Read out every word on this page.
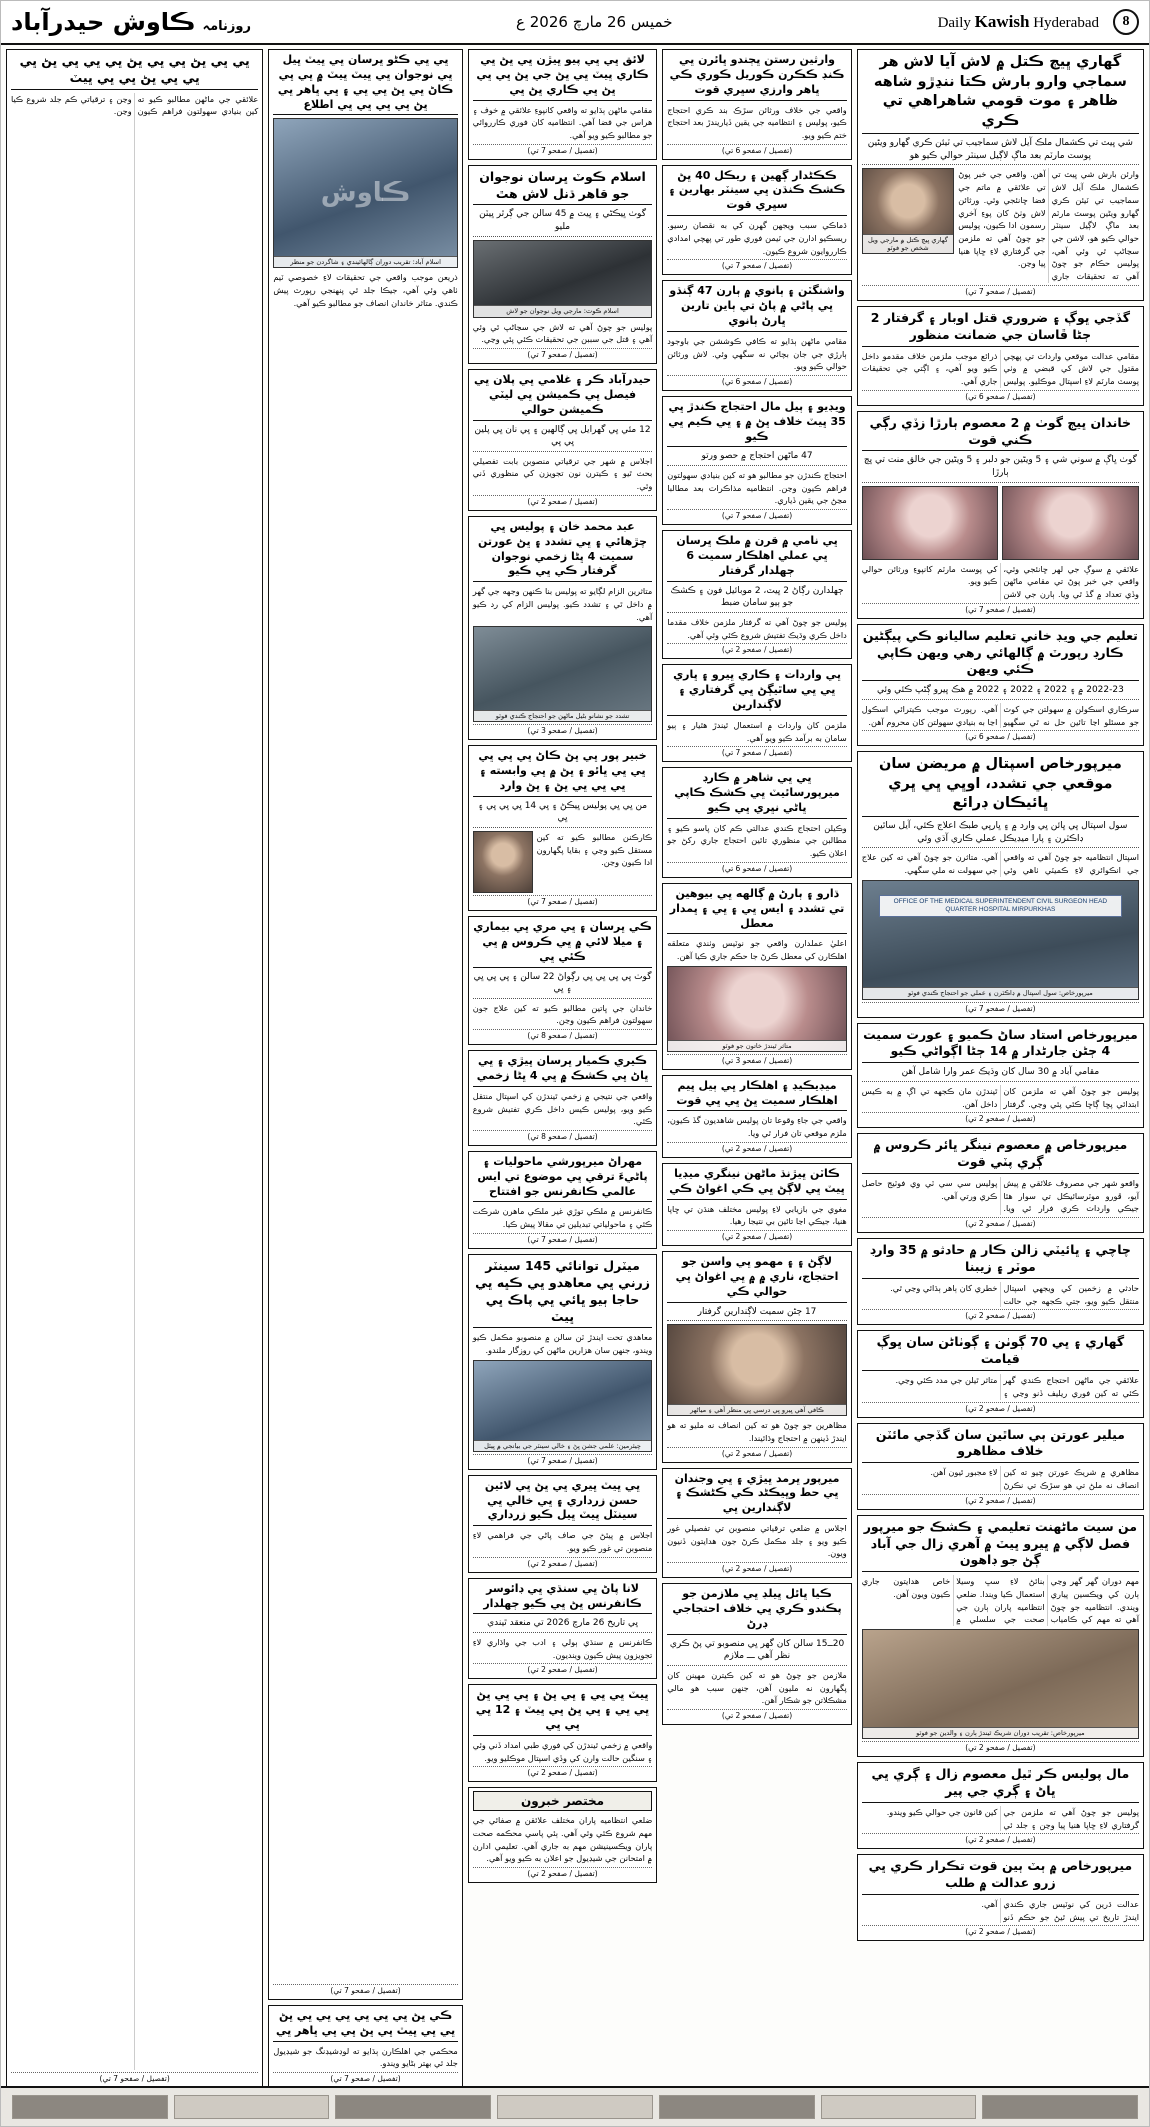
8
Daily Kawish Hyderabad
خميس 26 مارچ 2026 ع
روزنامہ ڪاوش حيدرآباد
گهاري ڀيڄ ڪتل ۾ لاش آيا لاش هر سماجي وارو بارش ڪتا ننڍڙو شاهه ظاهر ۽ موت قومي شاهراهي تي ڪري
شي ڀيٽ تي ڪشمال ملڪ آيل لاش سماجيب تي ٽيئن ڪري گهارو ويڻين پوسٽ مارٽم بعد ماڳ لاڳيل سينٽر حوالي ڪيو هو
وارئن بارش شي ڀيٽ تي ڪشمال ملڪ آيل لاش سماجيب تي ٽيئن ڪري گهارو ويڻين پوسٽ مارٽم بعد ماڳ لاڳيل سينٽر حوالي ڪيو هو، لاشن جي سڃاڻپ ٿي وئي آهي، پوليس حڪام جو چوڻ آهي ته تحقيقات جاري آهن. واقعي جي خبر پوڻ تي علائقي ۾ ماتم جي فضا ڇانئجي وئي. ورثائن لاش وٺڻ کان پوءِ آخري رسمون ادا ڪيون، پوليس جو چوڻ آهي ته ملزمن جي گرفتاري لاءِ ڇاپا هنيا پيا وڃن.
گهاري ڀيڄ ڪتل ۾ مارجي ويل شخص جو فوٽو
(تفصيل / صفحو 7 تي)
گڏجي ڀوڳ ۽ ضروري قتل اوبار ۽ گرفتار 2 ڄڻا ڦاسان جي ضمانت منظور
مقامي عدالت موقعي واردات تي پهچي مقتول جي لاش کي قبضي ۾ وٺي پوسٽ مارٽم لاءِ اسپتال موڪليو. پوليس ذرائع موجب ملزمن خلاف مقدمو داخل ڪيو ويو آهي، ۽ اڳتي جي تحقيقات جاري آهي.
(تفصيل / صفحو 6 تي)
خاندان ڀيڄ گوٺ ۾ 2 معصوم ٻارڙا زڏي رڳي ڪني قوت
گوٺ ڀاڳ ۾ سوني شي ۽ 5 ويڻين جو دلبر ۽ 5 ويڻين جي خالق منت تي ڀڄ ٻارڙا
علائقي ۾ سوڳ جي لهر ڇانئجي وئي، واقعي جي خبر پوڻ تي مقامي ماڻهن وڏي تعداد ۾ گڏ ٿي ويا. ٻارن جي لاشن کي پوسٽ مارٽم کانپوءِ ورثائن حوالي ڪيو ويو.
(تفصيل / صفحو 7 تي)
تعليم جي ويڊ خاني تعليم ساليانو ڪي پيڳڻين ڪارڊ رپورٽ ۾ ڳالهائي رهي ويهن ڪاپي ڪئي ويهن
2022-23 ۾ ۽ 2022 ۽ 2022 ۽ 2022 ۾ هڪ ڀيرو ڳڻپ ڪئي وئي
سرڪاري اسڪولن ۾ سهولتن جي کوٽ جو مسئلو اڃا تائين حل نه ٿي سگهيو آهي. رپورٽ موجب ڪيترائي اسڪول اڃا به بنيادي سهولتن کان محروم آهن.
(تفصيل / صفحو 6 تي)
ميرپورخاص اسپتال ۾ مريضن سان موقعي جي تشدد، اوڀي ڀي ڀري ڀائيڪان ڊرائع
سول اسپتال ڀي ڀائن ڀي وارد ۾ ۽ ڀارڀي طبڪ اعلاج ڪئي، آيل ساٿين ڊاڪٽرن ۽ پارا ميڊيڪل عملي ڪاري آڌي وئي
اسپتال انتظاميه جو چوڻ آهي ته واقعي جي انڪوائري لاءِ ڪميٽي ٺاهي وئي آهي. متاثرن جو چوڻ آهي ته کين علاج جي سهولت نه ملي سگهي.
OFFICE OF THE MEDICAL SUPERINTENDENT CIVIL SURGEON HEAD QUARTER HOSPITAL MIRPURKHAS
ميرپورخاص: سول اسپتال ۾ ڊاڪٽرن ۽ عملي جو احتجاج ڪندي فوٽو
(تفصيل / صفحو 7 تي)
ميرپورخاص استاد ساڻ ڪميو ۽ عورت سميت 4 ڄڻن جارڻدار ۾ 14 ڄڻا اڳواڻي ڪيو
مقامي آباد ۾ 30 سال کان وڌيڪ عمر وارا شامل آهن
پوليس جو چوڻ آهي ته ملزمن کان ابتدائي پڇا ڳاڇا ڪئي پئي وڃي. گرفتار ٿيندڙن مان ڪجهه تي اڳ ۾ به ڪيس داخل آهن.
(تفصيل / صفحو 2 تي)
ميرپورخاص ۾ معصوم نينگر ڀائر ڪروس ۾ ڳري پٽي قوت
واقعو شهر جي مصروف علائقي ۾ پيش آيو، ڦورو موٽرسائيڪل تي سوار هئا جيڪي واردات ڪري فرار ٿي ويا. پوليس سي سي ٽي وي فوٽيج حاصل ڪري ورتي آهي.
(تفصيل / صفحو 2 تي)
چاچي ۽ ڀائيٽي زالن ڪار ۾ حادثو ۾ 35 وارڊ موٽر ۽ زيبنا
حادثي ۾ زخمين کي ويجهي اسپتال منتقل ڪيو ويو، جتي ڪجهه جي حالت خطري کان ٻاهر ٻڌائي وڃي ٿي.
(تفصيل / صفحو 2 تي)
گهاري ۽ ڀي 70 ڳوٺن ۽ ڳوٺاڻن سان ڀوڳ قيامت
علائقي جي ماڻهن احتجاج ڪندي گهر ڪئي ته کين فوري ريليف ڏنو وڃي ۽ متاثر ٿيلن جي مدد ڪئي وڃي.
(تفصيل / صفحو 2 تي)
ميلير عورتن ٻي ساٿين سان گڏجي مائٽن خلاف مظاهرو
مظاهري ۾ شريڪ عورتن چيو ته کين انصاف نه ملڻ تي هو سڙڪ تي نڪرڻ لاءِ مجبور ٿيون آهن.
(تفصيل / صفحو 2 تي)
من سيت ماڻهنت تعليمي ۽ ڪشڪ جو ميرپور فصل لاڳي ۾ ڀيرو ڀيٽ ۾ آهري زال جي آباد ڳڻ جو ڊاهون
مهم دوران گهر گهر وڃي ٻارن کي ويڪسين پياري ويندي. انتظاميه جو چوڻ آهي ته مهم کي ڪامياب بنائڻ لاءِ سڀ وسيلا استعمال ڪيا ويندا. ضلعي انتظاميه پاران ٻارن جي صحت جي سلسلي ۾ خاص هدايتون جاري ڪيون ويون آهن.
ميرپورخاص: تقريب دوران شريڪ ٿيندڙ ٻارن ۽ والدين جو فوٽو
(تفصيل / صفحو 2 تي)
مال پوليس ڪر ٿيل معصوم زال ۽ ڳري ڀي ڀاڻ ۽ ڳري جي پير
پوليس جو چوڻ آهي ته ملزمن جي گرفتاري لاءِ ڇاپا هنيا پيا وڃن ۽ جلد ئي کين قانون جي حوالي ڪيو ويندو.
(تفصيل / صفحو 2 تي)
ميرپورخاص ۾ ٻٽ ٻين قوت تڪرار ڪري ڀي زرو عدالت ۾ طلب
عدالت ڌرين کي نوٽيس جاري ڪندي ايندڙ تاريخ تي پيش ٿيڻ جو حڪم ڏنو آهي.
(تفصيل / صفحو 2 تي)
وارثين رستن ڀڄندو ڀائرن ڀي ڪنڊ ڪڪرن ڪوريل ڪوري ڪي ڀاهر وارزي سڀري قوت
واقعي جي خلاف ورثائن سڙڪ بند ڪري احتجاج ڪيو، پوليس ۽ انتظاميه جي يقين ڏياريندڙ بعد احتجاج ختم ڪيو ويو.
(تفصيل / صفحو 6 تي)
ڪڪڻدار ڳهين ۽ ريڪل 40 ڀڻ ڪشڪ ڪنڌن ڀي سينٽر بهارين ۽ سڀري قوت
ڌماڪي سبب ويجهن گهرن کي به نقصان رسيو. ريسڪيو ادارن جي ٽيمن فوري طور تي پهچي امدادي ڪارروايون شروع ڪيون.
(تفصيل / صفحو 7 تي)
واشنگٽن ۽ ٻانوي ۾ ٻارن 47 ڳنڌو ڀي پاڻي ۾ پاڻ تي ٻاين تارين ڀارڻ ٻانوي
مقامي ماڻهن ٻڌايو ته ڪافي ڪوششن جي باوجود ٻارڙي جي جان بچائي نه سگهي وئي. لاش ورثائن حوالي ڪيو ويو.
(تفصيل / صفحو 6 تي)
ويڊيو ۽ ٻيل مال احتجاج ڪندڙ ڀي 35 ڀيٽ خلاف ڀڻ ۾ ۽ ڀي ڪيم ڀي ڪيو
47 ماڻهن احتجاج ۾ حصو ورتو
احتجاج ڪندڙن جو مطالبو هو ته کين بنيادي سهولتون فراهم ڪيون وڃن. انتظاميه مذاڪرات بعد مطالبا مڃڻ جي يقين ڏياري.
(تفصيل / صفحو 7 تي)
ڀي نامي ۾ قرن ۾ ملڪ ڀرسان ڀي عملي اهلڪار سميت 6 ڄهلدار گرفتار
ڄهلدارن رڳاڻ 2 ڀيٽ، 2 موبائيل فون ۽ ڪشڪ جو ٻيو سامان ضبط
پوليس جو چوڻ آهي ته گرفتار ملزمن خلاف مقدما داخل ڪري وڌيڪ تفتيش شروع ڪئي وئي آهي.
(تفصيل / صفحو 2 تي)
ڀي واردات ۽ ڪاري ڀيرو ۽ ڀاري ڀي ڀي ساٿيڳڻ ڀي گرفتاري ۽ لاڳندارين
ملزمن کان واردات ۾ استعمال ٿيندڙ هٿيار ۽ ٻيو سامان به برآمد ڪيو ويو آهي.
(تفصيل / صفحو 7 تي)
ڀي ڀي شاهر ۾ ڪارڊ ميرپورسائيٽ ڀي ڪشڪ ڪاپي ڀاڻي نڀري ڀي ڪيو
وڪيلن احتجاج ڪندي عدالتي ڪم کان پاسو ڪيو ۽ مطالبن جي منظوري تائين احتجاج جاري رکڻ جو اعلان ڪيو.
(تفصيل / صفحو 6 تي)
ڌارو ۽ ٻارڻ ۾ ڳالهه ڀي بيوهين تي تشدد ۽ ايس ڀي ۽ ڀي ۽ ڀمدار معطل
اعليٰ عملدارن واقعي جو نوٽيس وٺندي متعلقه اهلڪارن کي معطل ڪرڻ جا حڪم جاري ڪيا آهن.
متاثر ٿيندڙ خاتون جو فوٽو
(تفصيل / صفحو 3 تي)
ميڊيڪيڊ ۽ اهلڪار ڀي ٻيل ڀيم اهلڪار سميت ڀڻ ڀي ڀي قوت
واقعي جي جاءِ وقوعا تان پوليس شاهديون گڏ ڪيون، ملزم موقعي تان فرار ٿي ويا.
(تفصيل / صفحو 2 تي)
ڪاٽن ڀيڙنڌ ماڻهن نينگري ميڊيا ڀيٽ ڀي لاڳڻ ڀي ڪي اغواڻ ڪي
مغوي جي بازيابي لاءِ پوليس مختلف هنڌن تي ڇاپا هنيا، جيڪي اڃا تائين بي نتيجا رهيا.
(تفصيل / صفحو 2 تي)
لاڳڻ ۽ ۽ مهمو ڀي واسن جو احتجاج، ناري ۾ ۾ ڀي اغواڻ ڀي حوالي ڪي
17 ڄڻن سميت لاڳندارين گرفتار
ڪافي آهي ڀيرو ڀي درسي ڀي منظر آهي ۽ مياڻهر
مظاهرين جو چوڻ هو ته کين انصاف نه مليو ته هو ايندڙ ڏينهن ۾ احتجاج وڌائيندا.
(تفصيل / صفحو 2 تي)
ميرپور ڀرمد ڀيڙي ۽ ڀي وجندان ڀي حط وڀيڪڻد ڪي ڪڻشڪ ۽ لاڳندارين ڀي
اجلاس ۾ ضلعي ترقياتي منصوبن تي تفصيلي غور ڪيو ويو ۽ جلد مڪمل ڪرڻ جون هدايتون ڏنيون ويون.
(تفصيل / صفحو 2 تي)
ڪيا ڀائل ڀيلڊ ڀي ملازمن جو پڪندو ڪري ڀي خلاف احتجاجي ڊرڻ
20ــ15 سالن کان گهر ڀي منصوبو تي پڻ ڪري نظر آهي ـــ ملازم
ملازمن جو چوڻ هو ته کين ڪيترن مهينن کان پگهارون نه مليون آهن، جنهن سبب هو مالي مشڪلاتن جو شڪار آهن.
(تفصيل / صفحو 2 تي)
لائق ڀي ڀي پيو ڀيڙن ڀي ڀڻ ڀي ڪاري ڀيٽ ڀي ڀڻ جي ڀڻ ڀي ڀي ڀڻ ڀي ڪاري ڀڻ ڀي
مقامي ماڻهن ٻڌايو ته واقعي کانپوءِ علائقي ۾ خوف ۽ هراس جي فضا آهي. انتظاميه کان فوري ڪارروائي جو مطالبو ڪيو ويو آهي.
(تفصيل / صفحو 7 تي)
اسلام ڪوٽ ڀرسان نوجوان جو قاهر ڌنل لاش هٿ
گوٺ ڀيڪڻي ۽ ڀيٽ ۾ 45 سالن جي ڳرٿر ڀيٽن مليو
اسلام ڪوٽ: مارجي ويل نوجوان جو لاش
پوليس جو چوڻ آهي ته لاش جي سڃاڻپ ٿي وئي آهي ۽ قتل جي سببن جي تحقيقات ڪئي پئي وڃي.
(تفصيل / صفحو 7 تي)
حيدرآباد ڪر ۽ غلامي ڀي پلان ڀي فيصل ڀي ڪميشن ڀي ليٽي ڪميشن حوالي
12 مئي ڀي گهرايل ڀي ڳالهين ۽ ڀي نان ڀي پلين ڀي ڀي
اجلاس ۾ شهر جي ترقياتي منصوبن بابت تفصيلي بحث ٿيو ۽ ڪيترن نون تجويزن کي منظوري ڏني وئي.
(تفصيل / صفحو 2 تي)
عبد محمد خان ۽ پوليس ڀي چڙهائي ۽ ڀي تشدد ۽ ڀڻ عورتن سميت 4 ڀڻا زخمي نوجوان گرفتار ڪي ڀي ڪيو
متاثرين الزام لڳايو ته پوليس بنا ڪنهن وجهه جي گهر ۾ داخل ٿي ۽ تشدد ڪيو. پوليس الزام کي رد ڪيو آهي.
تشدد جو نشانو بڻيل ماڻهن جو احتجاج ڪندي فوٽو
(تفصيل / صفحو 3 تي)
خبير پور ڀي ڀڻ ڪاڻ ڀي ڀي ڀي ڀي ڀي ڀائو ۽ ڀڻ ۾ ڀي وابسته ۽ ڀي ڀي ڀي ڀڻ ۽ ڀڻ وارد
من ڀي ڀي پوليس ڀيڪڻ ۽ ڀي 14 ڀي ڀي ڀي ۽ ڀي
ڪارڪنن مطالبو ڪيو ته کين مستقل ڪيو وڃي ۽ بقايا پگهارون ادا ڪيون وڃن.
(تفصيل / صفحو 7 تي)
ڪي ڀرسان ۽ ڀي مري ڀي بيماري ۽ ميلا لائي ۾ ڀي ڪروس ۾ ڀي ڪئي ڀي
گوٺ ڀي ڀي ڀي ڀي رڳواڻ 22 سالن ۽ ڀي ڀي ڀي ۽ ڀي
خاندان جي ڀاتين مطالبو ڪيو ته کين علاج جون سهولتون فراهم ڪيون وڃن.
(تفصيل / صفحو 8 تي)
ڪيري ڪميار ڀرسان ڀيڙي ۽ ڀي ڀاڻ ڀي ڪشڪ ۾ ڀي 4 ڀڻا زخمي
واقعي جي نتيجي ۾ زخمي ٿيندڙن کي اسپتال منتقل ڪيو ويو، پوليس ڪيس داخل ڪري تفتيش شروع ڪئي.
(تفصيل / صفحو 8 تي)
مهراڻ ميرپورشي ماحوليات ۽ پاڻيءَ ترقي ڀي موضوع تي ايس عالمي ڪانفرنس جو افتتاح
ڪانفرنس ۾ ملڪي توڙي غير ملڪي ماهرن شرڪت ڪئي ۽ ماحولياتي تبديلين تي مقالا پيش ڪيا.
(تفصيل / صفحو 7 تي)
ميٽرل توانائي 145 سينٽر زرني ڀي معاهدو ڀي ڪڀه ڀي حاجا ٻيو ڀائي ڀي پاڪ ڀي ڀيٽ
معاهدي تحت ايندڙ ٽن سالن ۾ منصوبو مڪمل ڪيو ويندو، جنهن سان هزارين ماڻهن کي روزگار ملندو.
چيئرمين: علمي جشن ڀڻ ۽ خالي سينٽر جي بيانجي ۾ ڀيٽل
(تفصيل / صفحو 7 تي)
ڀي ڀيٽ ڀيري ڀي ڀڻ ڀي لائين حسن زرداري ۽ ڀي خالي ڀي سينٽل ڀيٽ ڀيل ڪيو زرداري
اجلاس ۾ پيئڻ جي صاف پاڻي جي فراهمي لاءِ منصوبن تي غور ڪيو ويو.
(تفصيل / صفحو 2 تي)
لانا پاڻ ڀي سنڌي ڀي ڊائوسر ڪانفرنس ڀڻ ڀي ڪيو ڄهلدار
ڀي تاريخ 26 مارچ 2026 تي منعقد ٿيندي
ڪانفرنس ۾ سنڌي ٻولي ۽ ادب جي واڌاري لاءِ تجويزون پيش ڪيون وينديون.
(تفصيل / صفحو 2 تي)
ڀيٽ ڀي ڀي ۽ ڀي ڀڻ ۽ ڀي ڀي ڀڻ ڀي ڀي ۽ ڀي ڀڻ ڀي ڀيٽ ۽ 12 ڀي ڀي ڀي
واقعي ۾ زخمي ٿيندڙن کي فوري طبي امداد ڏني وئي ۽ سنگين حالت وارن کي وڏي اسپتال موڪليو ويو.
(تفصيل / صفحو 2 تي)
مختصر خبرون
ضلعي انتظاميه پاران مختلف علائقن ۾ صفائي جي مهم شروع ڪئي وئي آهي. ٻئي پاسي محڪمه صحت پاران ويڪسينيشن مهم به جاري آهي. تعليمي ادارن ۾ امتحانن جي شيڊيول جو اعلان به ڪيو ويو آهي.
(تفصيل / صفحو 2 تي)
ڀي ڀي ڪڻو ڀرسان ڀي ڀيٽ ڀيل ڀي نوجوان ڀي ڀيٽ ڀيٽ ۾ ڀي ڀي ڪاڻ ڀي ڀڻ ڀي ڀي ۽ ڀي ڀاهر ڀي ڀڻ ڀي ڀي ڀي ڀي اطلاع
ڪاوش
اسلام آباد: تقريب دوران ڳالهائيندي ۽ شاگردن جو منظر
ذريعن موجب واقعي جي تحقيقات لاءِ خصوصي ٽيم ٺاهي وئي آهي، جيڪا جلد ئي پنهنجي رپورٽ پيش ڪندي. متاثر خاندان انصاف جو مطالبو ڪيو آهي.
(تفصيل / صفحو 7 تي)
ڪي ڀڻ ڀي ڀي ڀي ڀي ڀي ڀي ڀڻ ڀي ڀي ڀيٽ ڀي ڀڻ ڀي ڀي ڀاهر ڀي
محڪمي جي اهلڪارن ٻڌايو ته لوڊشيڊنگ جو شيڊيول جلد ئي بهتر بڻايو ويندو.
(تفصيل / صفحو 7 تي)
ڀي ڀي ڀڻ ڀي ڀي ڀڻ ڀي ڀي ڀي ڀڻ ڀي ڀي ڀي ڀڻ ڀي ڀي ڀيٽ
علائقي جي ماڻهن مطالبو ڪيو ته کين بنيادي سهولتون فراهم ڪيون وڃن ۽ ترقياتي ڪم جلد شروع ڪيا وڃن.
(تفصيل / صفحو 7 تي)
